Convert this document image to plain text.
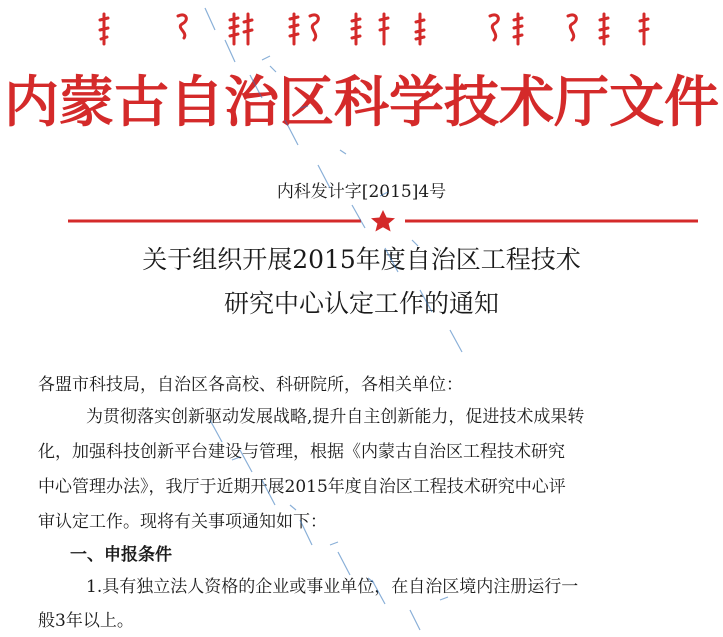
内蒙古自治区科学技术厅文件
内科发计字[2015]4号
关于组织开展2015年度自治区工程技术
研究中心认定工作的通知
各盟市科技局，自治区各高校、科研院所，各相关单位：
为贯彻落实创新驱动发展战略,提升自主创新能力，促进技术成果转
化，加强科技创新平台建设与管理，根据《内蒙古自治区工程技术研究
中心管理办法》，我厅于近期开展2015年度自治区工程技术研究中心评
审认定工作。现将有关事项通知如下：
一、申报条件
1.具有独立法人资格的企业或事业单位，在自治区境内注册运行一
般3年以上。
